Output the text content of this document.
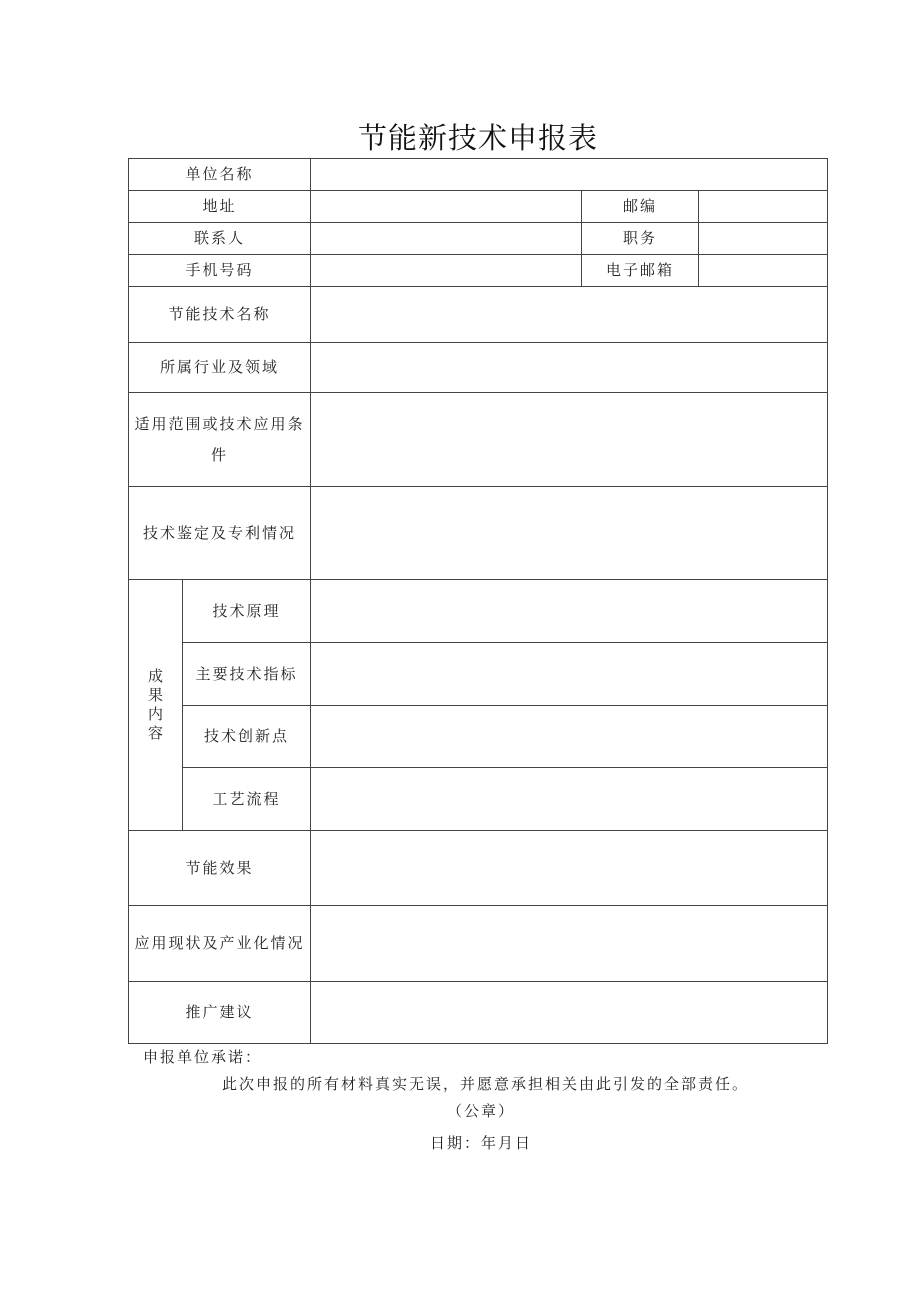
节能新技术申报表
单位名称				
地址			邮编	
联系人			职务	
手机号码			电子邮箱	
节能技术名称				
所属行业及领域				
适用范围或技术应用条件				
技术鉴定及专利情况				
成果内容	技术原理			
	主要技术指标			
	技术创新点			
	工艺流程			
节能效果				
应用现状及产业化情况				
推广建议				
申报单位承诺：
此次申报的所有材料真实无误，并愿意承担相关由此引发的全部责任。
（公章）
日期：年月日
